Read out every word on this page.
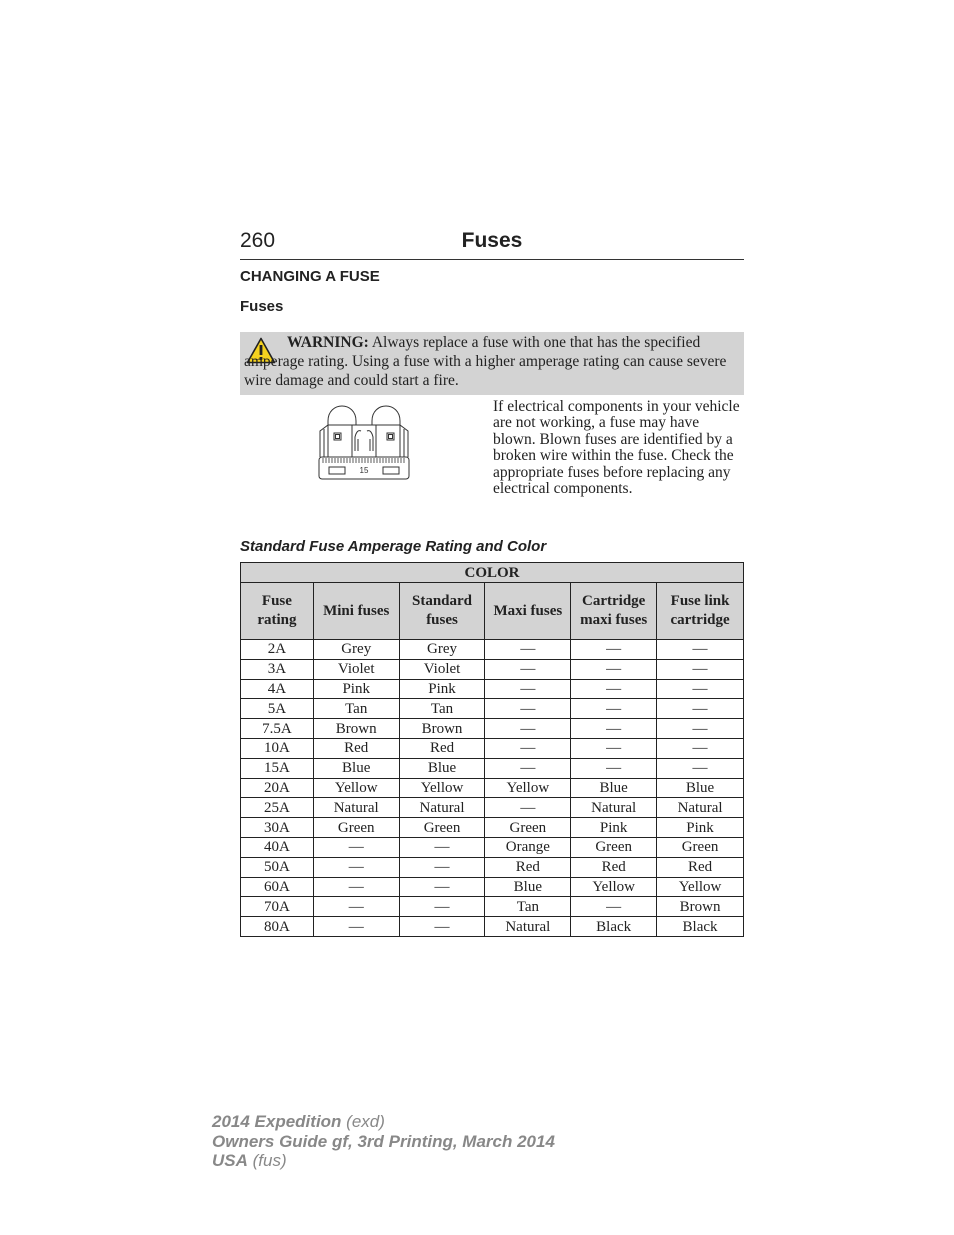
260	Fuses
CHANGING A FUSE
Fuses
WARNING: Always replace a fuse with one that has the specified amperage rating. Using a fuse with a higher amperage rating can cause severe wire damage and could start a fire.
15
If electrical components in your vehicle are not working, a fuse may have blown. Blown fuses are identified by a broken wire within the fuse. Check the appropriate fuses before replacing any electrical components.
Standard Fuse Amperage Rating and Color
COLOR					
Fuse rating	Mini fuses	Standard fuses	Maxi fuses	Cartridge maxi fuses	Fuse link cartridge
2A	Grey	Grey	—	—	—
3A	Violet	Violet	—	—	—
4A	Pink	Pink	—	—	—
5A	Tan	Tan	—	—	—
7.5A	Brown	Brown	—	—	—
10A	Red	Red	—	—	—
15A	Blue	Blue	—	—	—
20A	Yellow	Yellow	Yellow	Blue	Blue
25A	Natural	Natural	—	Natural	Natural
30A	Green	Green	Green	Pink	Pink
40A	—	—	Orange	Green	Green
50A	—	—	Red	Red	Red
60A	—	—	Blue	Yellow	Yellow
70A	—	—	Tan	—	Brown
80A	—	—	Natural	Black	Black
2014 Expedition (exd)
Owners Guide gf, 3rd Printing, March 2014
USA (fus)
